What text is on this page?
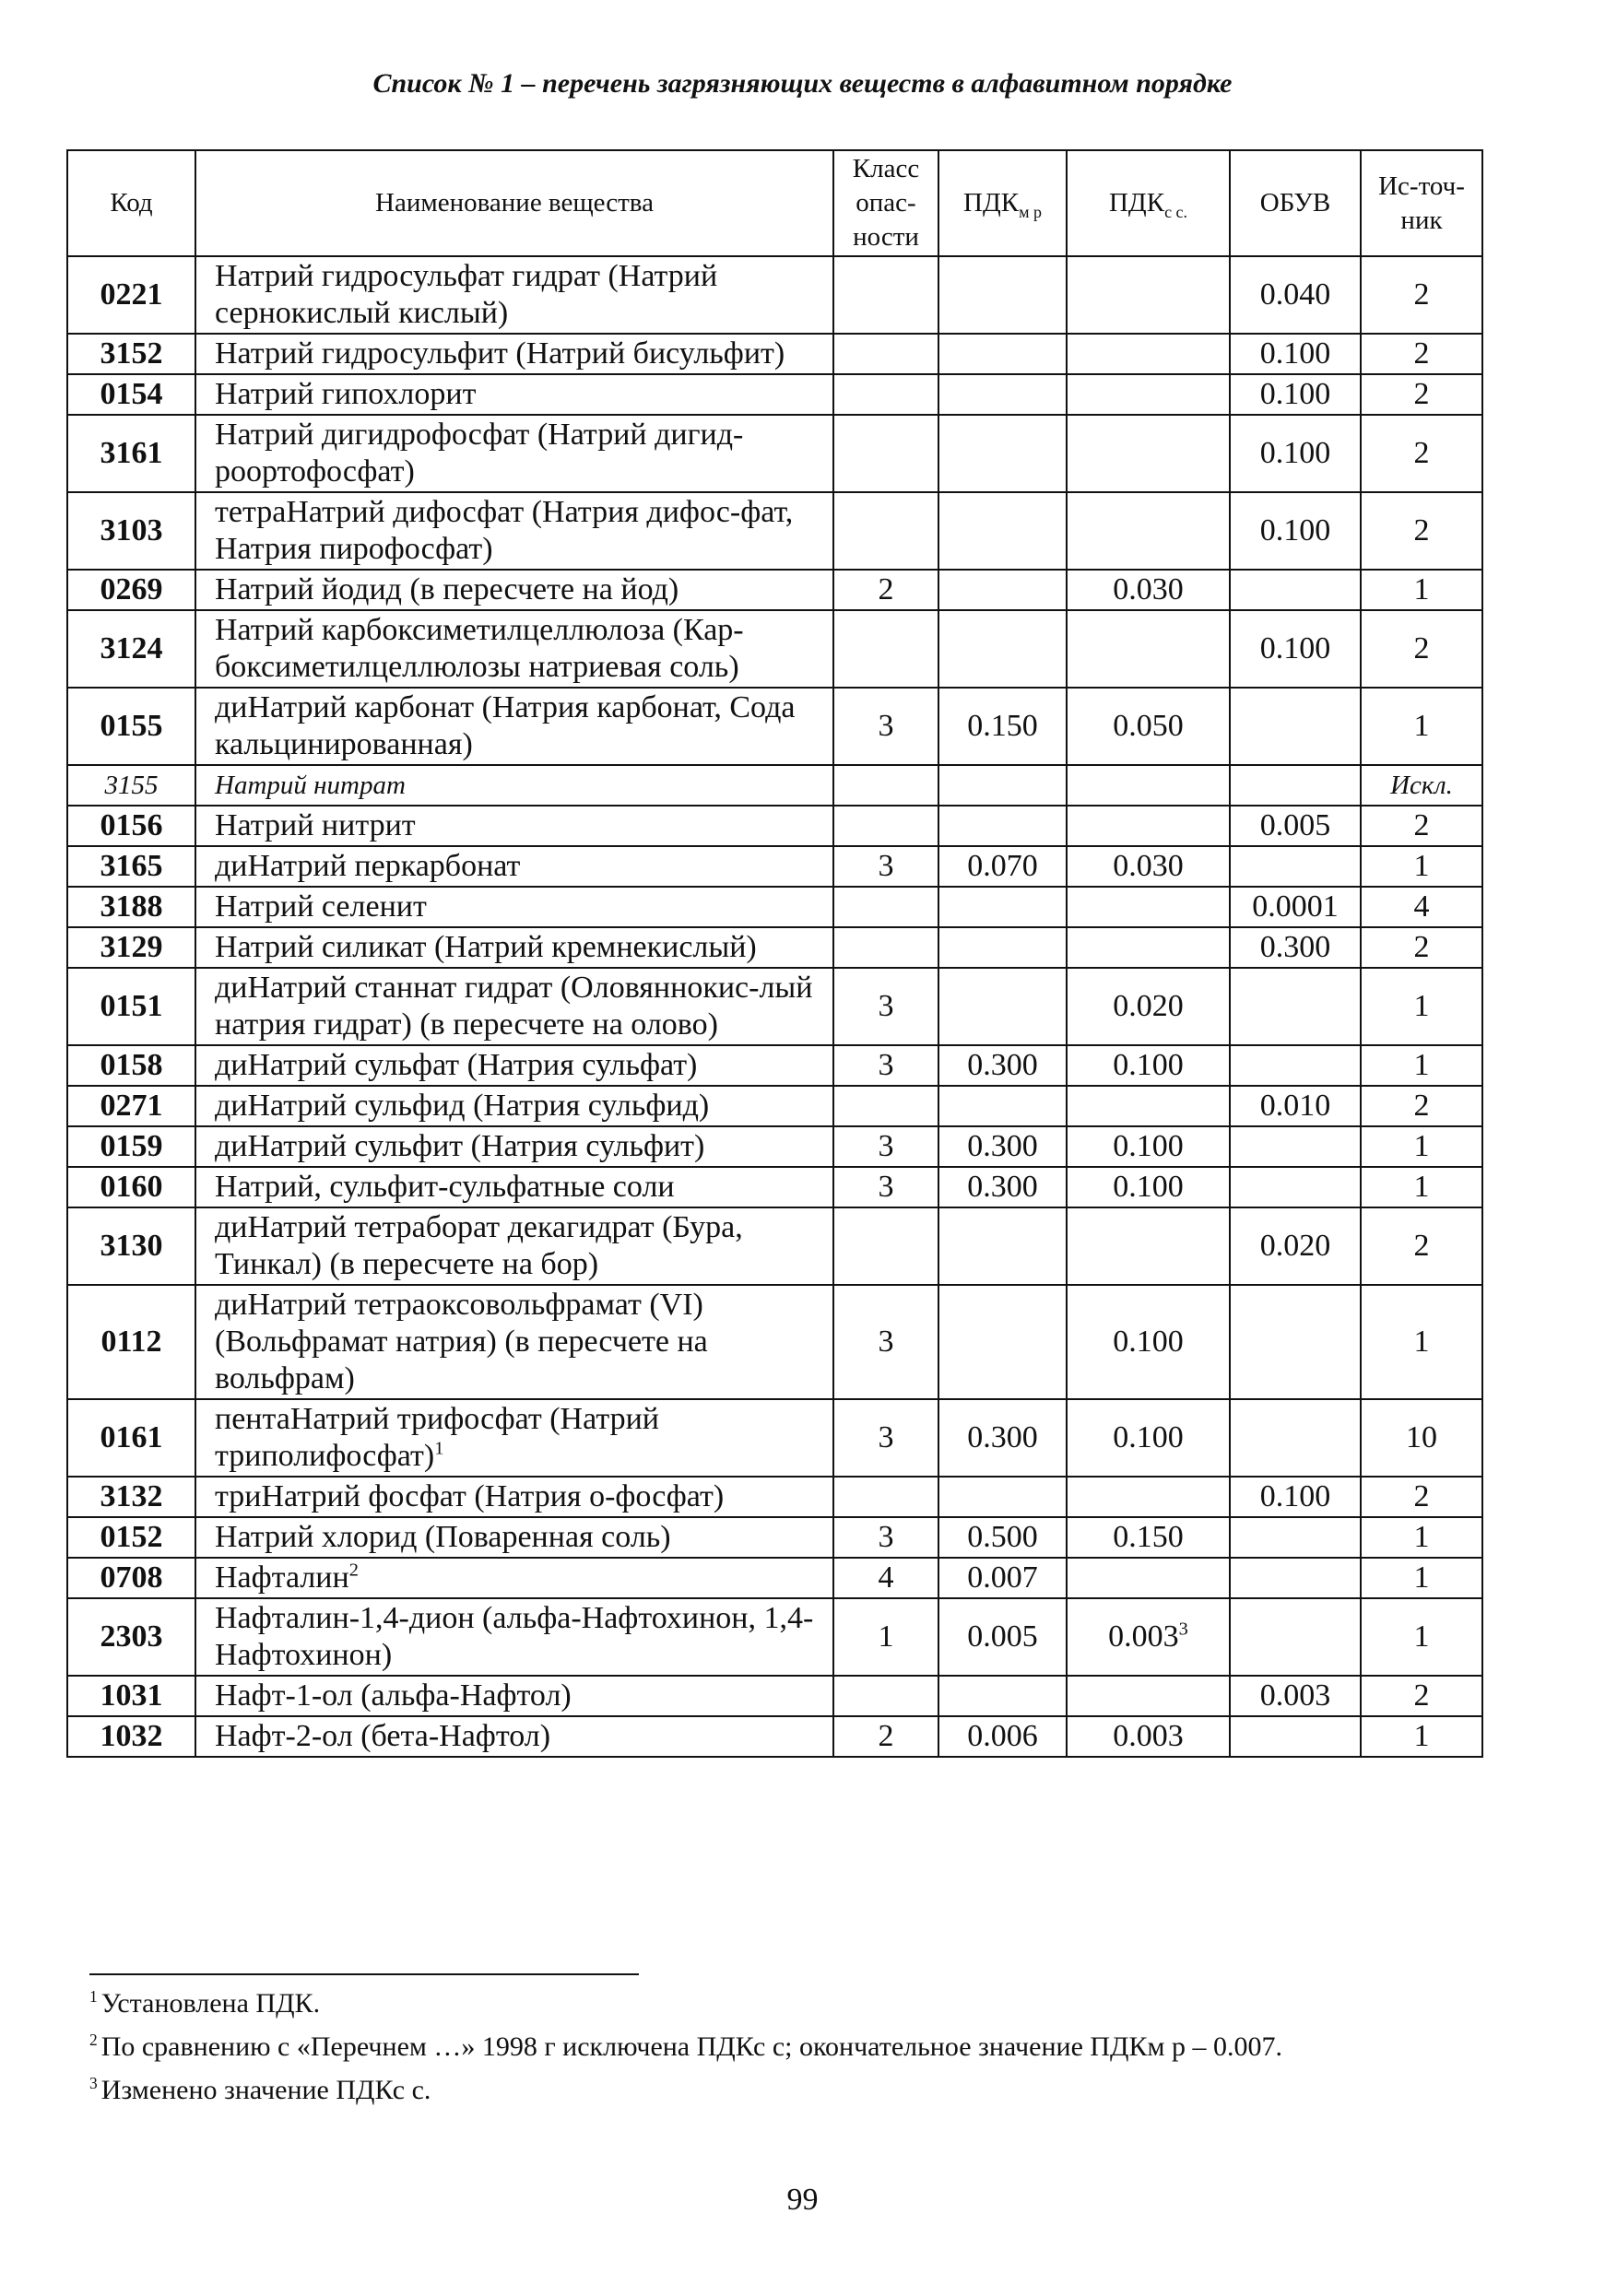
Список № 1 – перечень загрязняющих веществ в алфавитном порядке
Код	Наименование вещества	Класс опас-ности	$ПДК_{м р}$	$ПДК_{с с.}$	ОБУВ	Ис-точ-ник
0221	Натрий гидросульфат гидрат (Натрий сернокислый кислый)				0.040	2
3152	Натрий гидросульфит (Натрий бисульфит)				0.100	2
0154	Натрий гипохлорит				0.100	2
3161	Натрий дигидрофосфат (Натрий дигид-роортофосфат)				0.100	2
3103	тетраНатрий дифосфат (Натрия дифос-фат, Натрия пирофосфат)				0.100	2
0269	Натрий йодид (в пересчете на йод)	2		0.030		1
3124	Натрий карбоксиметилцеллюлоза (Кар-боксиметилцеллюлозы натриевая соль)				0.100	2
0155	диНатрий карбонат (Натрия карбонат, Сода кальцинированная)	3	0.150	0.050		1
3155	Натрий нитрат					Искл.
0156	Натрий нитрит				0.005	2
3165	диНатрий перкарбонат	3	0.070	0.030		1
3188	Натрий селенит				0.0001	4
3129	Натрий силикат (Натрий кремнекислый)				0.300	2
0151	диНатрий станнат гидрат (Оловяннокис-лый натрия гидрат) (в пересчете на олово)	3		0.020		1
0158	диНатрий сульфат (Натрия сульфат)	3	0.300	0.100		1
0271	диНатрий сульфид (Натрия сульфид)				0.010	2
0159	диНатрий сульфит (Натрия сульфит)	3	0.300	0.100		1
0160	Натрий, сульфит-сульфатные соли	3	0.300	0.100		1
3130	диНатрий тетраборат декагидрат (Бура, Тинкал) (в пересчете на бор)				0.020	2
0112	диНатрий тетраоксовольфрамат (VI) (Вольфрамат натрия) (в пересчете на вольфрам)	3		0.100		1
0161	пентаНатрий трифосфат (Натрий триполифосфат)$^1$	3	0.300	0.100		10
3132	триНатрий фосфат (Натрия о-фосфат)				0.100	2
0152	Натрий хлорид (Поваренная соль)	3	0.500	0.150		1
0708	Нафталин$^2$	4	0.007			1
2303	Нафталин-1,4-дион (альфа-Нафтохинон, 1,4-Нафтохинон)	1	0.005	0.003$^3$		1
1031	Нафт-1-ол (альфа-Нафтол)				0.003	2
1032	Нафт-2-ол (бета-Нафтол)	2	0.006	0.003		1
$^1$ Установлена ПДК.
$^2$ По сравнению с «Перечнем …» 1998 г исключена ПДКс с; окончательное значение ПДКм р – 0.007.
$^3$ Изменено значение ПДКс с.
99
